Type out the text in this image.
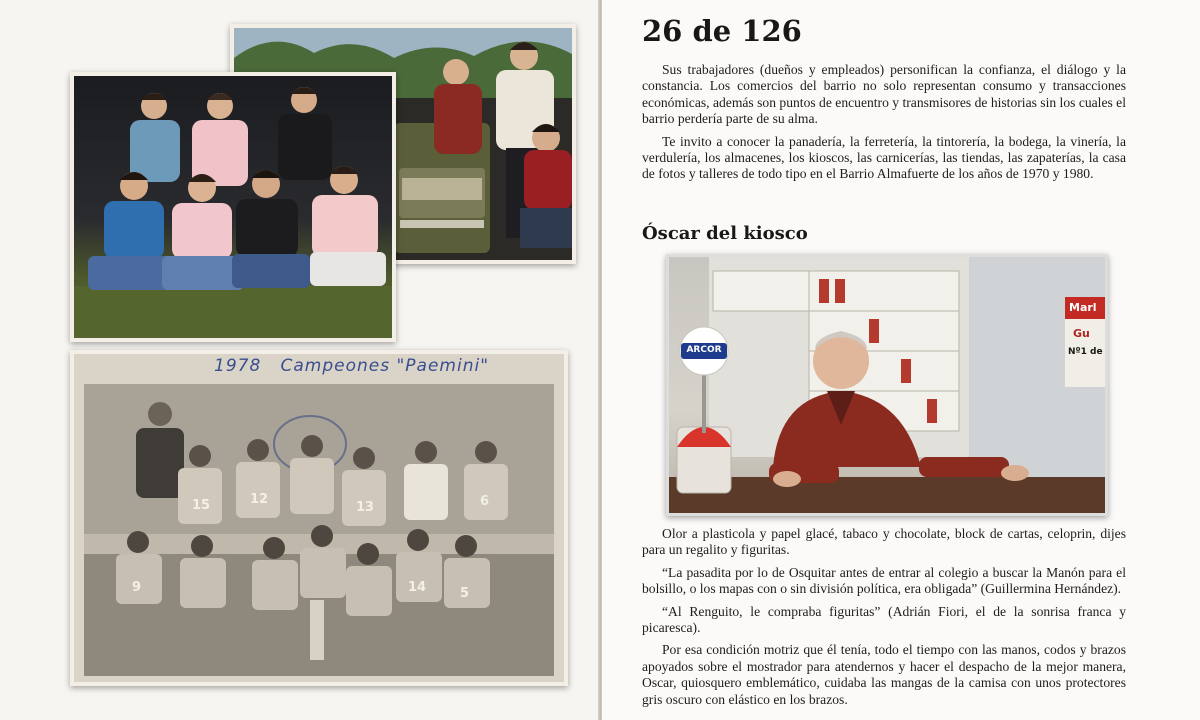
1978   Campeones "Paemini"
15	12
13	6
9	14	5
26 de 126

Sus trabajadores (dueños y empleados) personifican la confianza, el diálogo y la constancia. Los comercios del barrio no solo representan consumo y transacciones económicas, además son puntos de encuentro y transmisores de historias sin los cuales el barrio perdería parte de su alma.

Te invito a conocer la panadería, la ferretería, la tintorería, la bodega, la vinería, la verdulería, los almacenes, los kioscos, las carnicerías, las tiendas, las zapaterías, la casa de fotos y talleres de todo tipo en el Barrio Almafuerte de los años de 1970 y 1980.

Óscar del kiosco
ARCOR
Marl
Gu
Nº1 de

Olor a plasticola y papel glacé, tabaco y chocolate, block de cartas, celoprin, dijes para un regalito y figuritas.

“La pasadita por lo de Osquitar antes de entrar al colegio a buscar la Manón para el bolsillo, o los mapas con o sin división política, era obligada” (Guillermina Hernández).

“Al Renguito, le compraba figuritas” (Adrián Fiori, el de la sonrisa franca y picaresca).

Por esa condición motriz que él tenía, todo el tiempo con las manos, codos y brazos apoyados sobre el mostrador para atendernos y hacer el despacho de la mejor manera, Oscar, quiosquero emblemático, cuidaba las mangas de la camisa con unos protectores gris oscuro con elástico en los brazos.
